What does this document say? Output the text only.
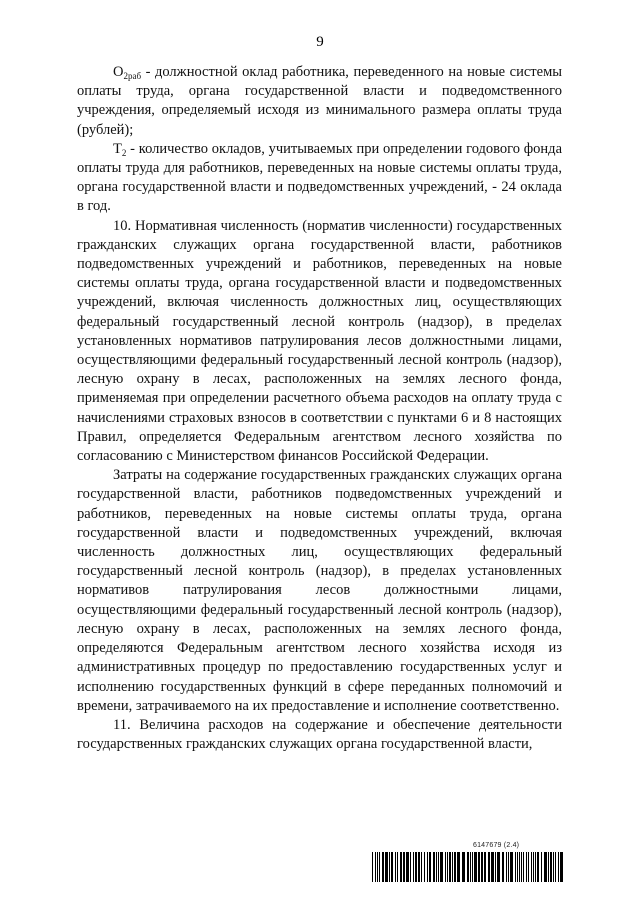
9

$О_{2раб}$ - должностной оклад работника, переведенного на новые системы оплаты труда, органа государственной власти и подведомственного учреждения, определяемый исходя из минимального размера оплаты труда (рублей);

$Т_2$ - количество окладов, учитываемых при определении годового фонда оплаты труда для работников, переведенных на новые системы оплаты труда, органа государственной власти и подведомственных учреждений, - 24 оклада в год.

10. Нормативная численность (норматив численности) государственных гражданских служащих органа государственной власти, работников подведомственных учреждений и работников, переведенных на новые системы оплаты труда, органа государственной власти и подведомственных учреждений, включая численность должностных лиц, осуществляющих федеральный государственный лесной контроль (надзор), в пределах установленных нормативов патрулирования лесов должностными лицами, осуществляющими федеральный государственный лесной контроль (надзор), лесную охрану в лесах, расположенных на землях лесного фонда, применяемая при определении расчетного объема расходов на оплату труда с начислениями страховых взносов в соответствии с пунктами 6 и 8 настоящих Правил, определяется Федеральным агентством лесного хозяйства по согласованию с Министерством финансов Российской Федерации.

Затраты на содержание государственных гражданских служащих органа государственной власти, работников подведомственных учреждений и работников, переведенных на новые системы оплаты труда, органа государственной власти и подведомственных учреждений, включая численность должностных лиц, осуществляющих федеральный государственный лесной контроль (надзор), в пределах установленных нормативов патрулирования лесов должностными лицами, осуществляющими федеральный государственный лесной контроль (надзор), лесную охрану в лесах, расположенных на землях лесного фонда, определяются Федеральным агентством лесного хозяйства исходя из административных процедур по предоставлению государственных услуг и исполнению государственных функций в сфере переданных полномочий и времени, затрачиваемого на их предоставление и исполнение соответственно.

11. Величина расходов на содержание и обеспечение деятельности государственных гражданских служащих органа государственной власти,

6147679 (2.4)
